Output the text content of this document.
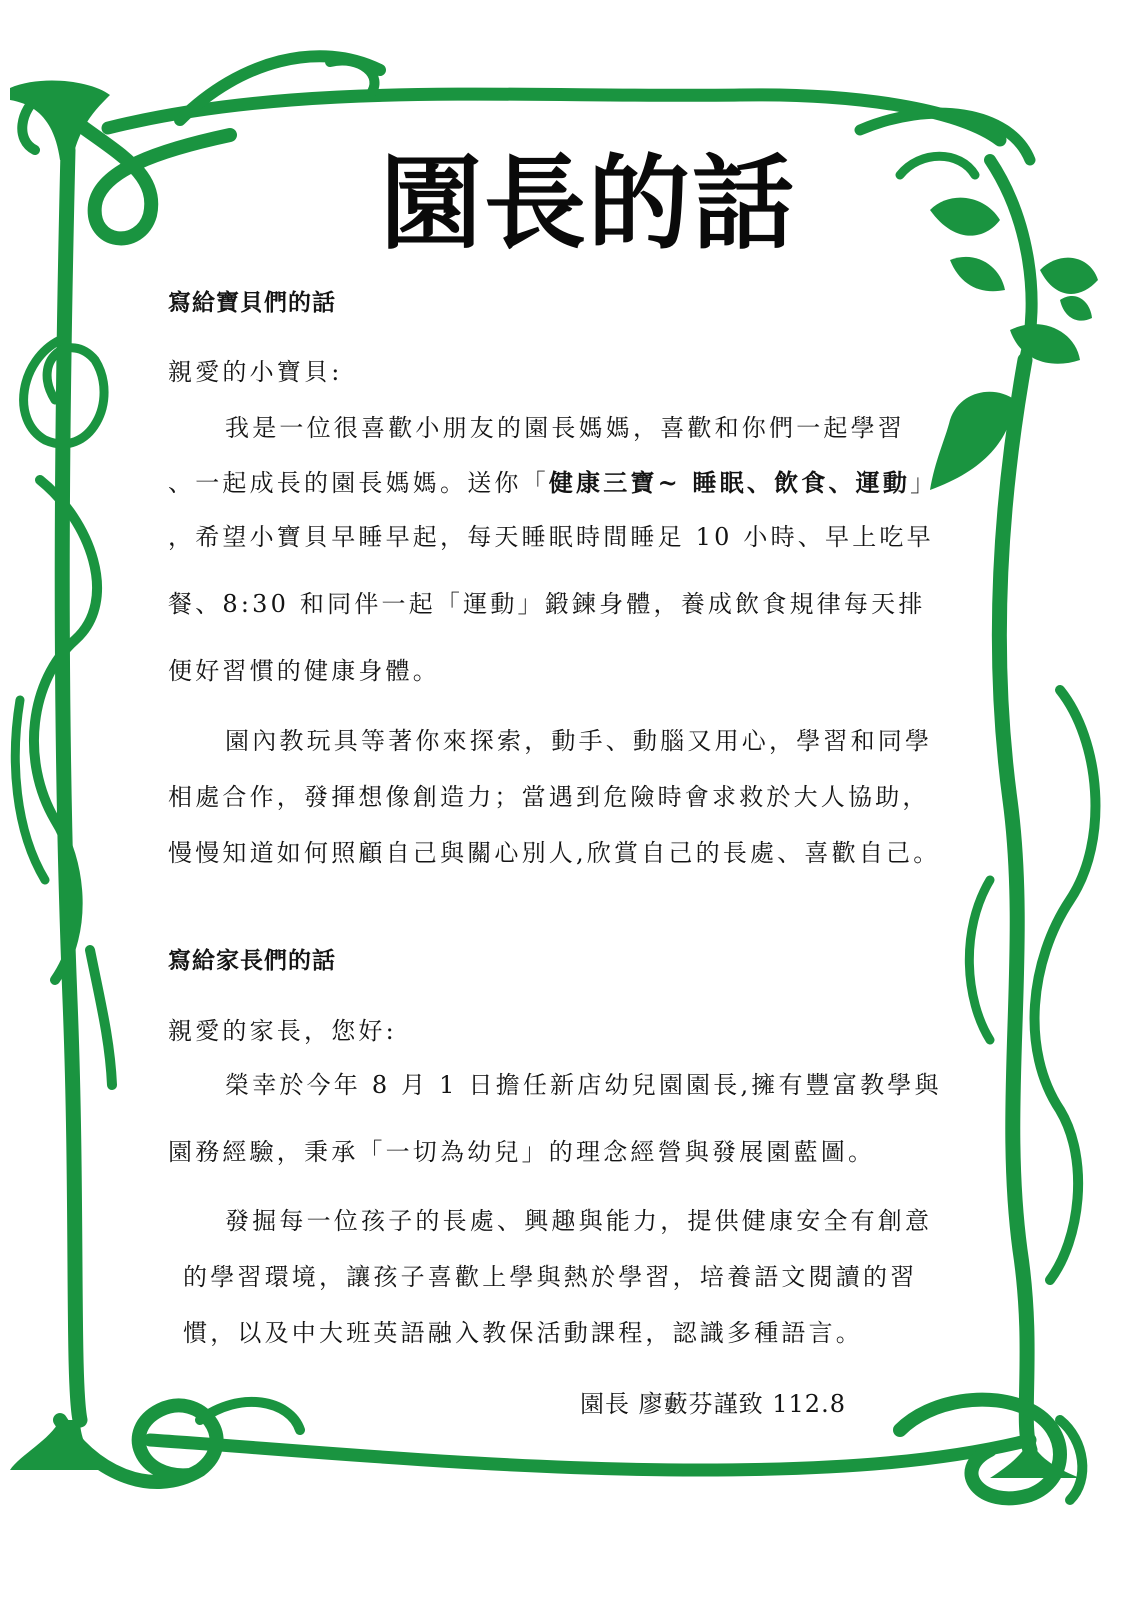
園長的話
寫給寶貝們的話
親愛的小寶貝:
我是一位很喜歡小朋友的園長媽媽，喜歡和你們一起學習
、一起成長的園長媽媽。送你「健康三寶~ 睡眠、飲食、運動」
，希望小寶貝早睡早起，每天睡眠時間睡足 10 小時、早上吃早
餐、8:30 和同伴一起「運動」鍛鍊身體，養成飲食規律每天排
便好習慣的健康身體。
園內教玩具等著你來探索，動手、動腦又用心，學習和同學
相處合作，發揮想像創造力；當遇到危險時會求救於大人協助，
慢慢知道如何照顧自己與關心別人,欣賞自己的長處、喜歡自己。
寫給家長們的話
親愛的家長，您好:
榮幸於今年 8 月 1 日擔任新店幼兒園園長,擁有豐富教學與
園務經驗，秉承「一切為幼兒」的理念經營與發展園藍圖。
發掘每一位孩子的長處、興趣與能力，提供健康安全有創意
的學習環境，讓孩子喜歡上學與熱於學習，培養語文閱讀的習
慣，以及中大班英語融入教保活動課程，認識多種語言。
園長 廖藪芬謹致 112.8
